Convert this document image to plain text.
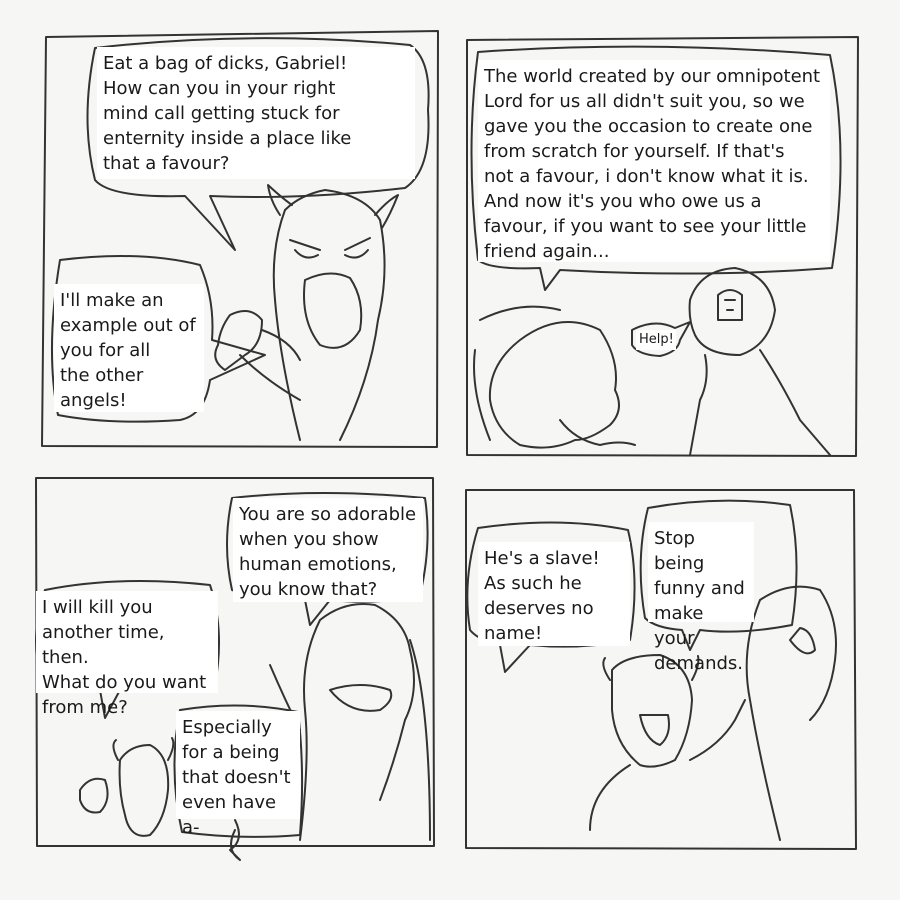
Eat a bag of dicks, Gabriel!
How can you in your right
mind call getting stuck for
enternity inside a place like
that a favour?
I'll make an
example out of
you for all
the other
angels!
The world created by our omnipotent
Lord for us all didn't suit you, so we
gave you the occasion to create one
from scratch for yourself. If that's
not a favour, i don't know what it is.
And now it's you who owe us a
favour, if you want to see your little
friend again...
Help!
You are so adorable
when you show
human emotions,
you know that?
I will kill you
another time, then.
What do you want
from me?
Especially
for a being
that doesn't
even have a-
He's a slave!
As such he
deserves no
name!
Stop being
funny and
make your
demands.
